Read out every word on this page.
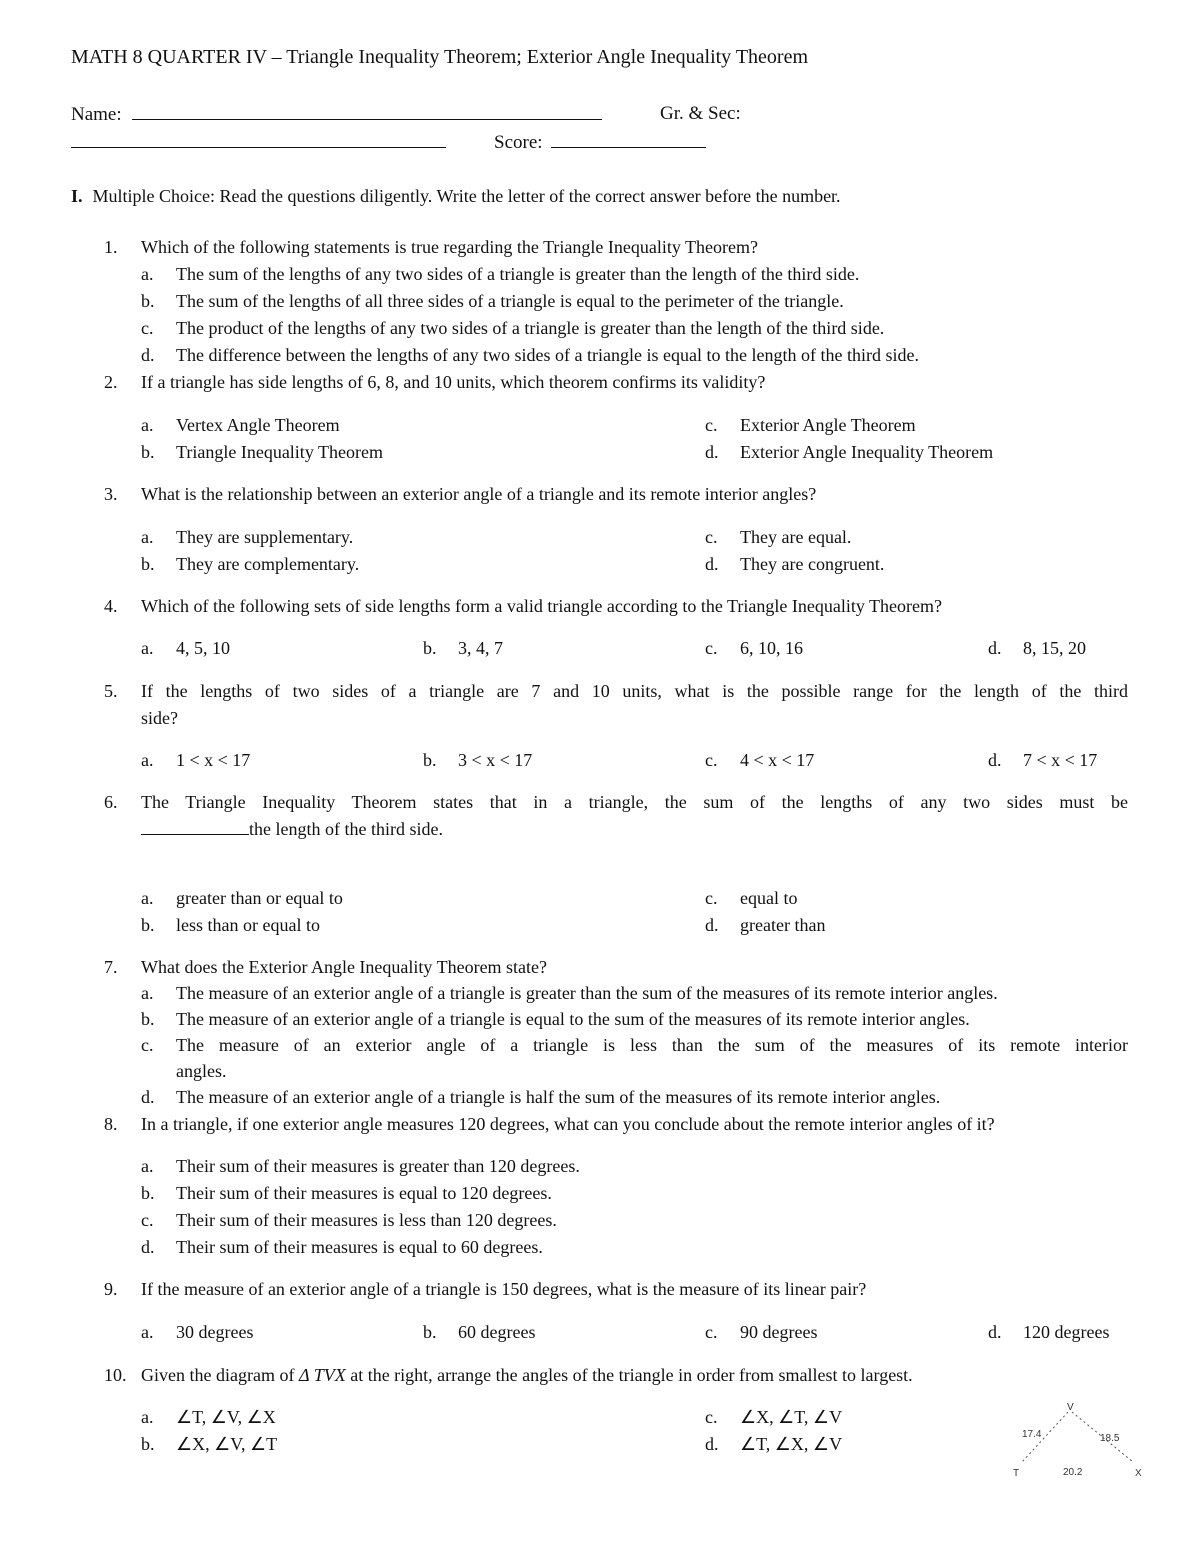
MATH 8 QUARTER IV – Triangle Inequality Theorem; Exterior Angle Inequality Theorem
Name:	Gr. & Sec:
Score:
I. Multiple Choice: Read the questions diligently. Write the letter of the correct answer before the number.
1. Which of the following statements is true regarding the Triangle Inequality Theorem?
a. The sum of the lengths of any two sides of a triangle is greater than the length of the third side.
b. The sum of the lengths of all three sides of a triangle is equal to the perimeter of the triangle.
c. The product of the lengths of any two sides of a triangle is greater than the length of the third side.
d. The difference between the lengths of any two sides of a triangle is equal to the length of the third side.
2. If a triangle has side lengths of 6, 8, and 10 units, which theorem confirms its validity?
a. Vertex Angle Theorem
b. Triangle Inequality Theorem
c. Exterior Angle Theorem
d. Exterior Angle Inequality Theorem
3. What is the relationship between an exterior angle of a triangle and its remote interior angles?
a. They are supplementary.
b. They are complementary.
c. They are equal.
d. They are congruent.
4. Which of the following sets of side lengths form a valid triangle according to the Triangle Inequality Theorem?
a. 4, 5, 10	b. 3, 4, 7	c. 6, 10, 16	d. 8, 15, 20
5. If the lengths of two sides of a triangle are 7 and 10 units, what is the possible range for the length of the third
side?
a. 1 < x < 17	b. 3 < x < 17	c. 4 < x < 17	d. 7 < x < 17
6. The Triangle Inequality Theorem states that in a triangle, the sum of the lengths of any two sides must be
the length of the third side.
a. greater than or equal to
b. less than or equal to
c. equal to
d. greater than
7. What does the Exterior Angle Inequality Theorem state?
a. The measure of an exterior angle of a triangle is greater than the sum of the measures of its remote interior angles.
b. The measure of an exterior angle of a triangle is equal to the sum of the measures of its remote interior angles.
c. The measure of an exterior angle of a triangle is less than the sum of the measures of its remote interior
angles.
d. The measure of an exterior angle of a triangle is half the sum of the measures of its remote interior angles.
8. In a triangle, if one exterior angle measures 120 degrees, what can you conclude about the remote interior angles of it?
a. Their sum of their measures is greater than 120 degrees.
b. Their sum of their measures is equal to 120 degrees.
c. Their sum of their measures is less than 120 degrees.
d. Their sum of their measures is equal to 60 degrees.
9. If the measure of an exterior angle of a triangle is 150 degrees, what is the measure of its linear pair?
a. 30 degrees	b. 60 degrees	c. 90 degrees	d. 120 degrees
10. Given the diagram of Δ TVX at the right, arrange the angles of the triangle in order from smallest to largest.
a. ∠T, ∠V, ∠X
b. ∠X, ∠V, ∠T
c. ∠X, ∠T, ∠V
d. ∠T, ∠X, ∠V
V
T	X
17.4	18.5
20.2
